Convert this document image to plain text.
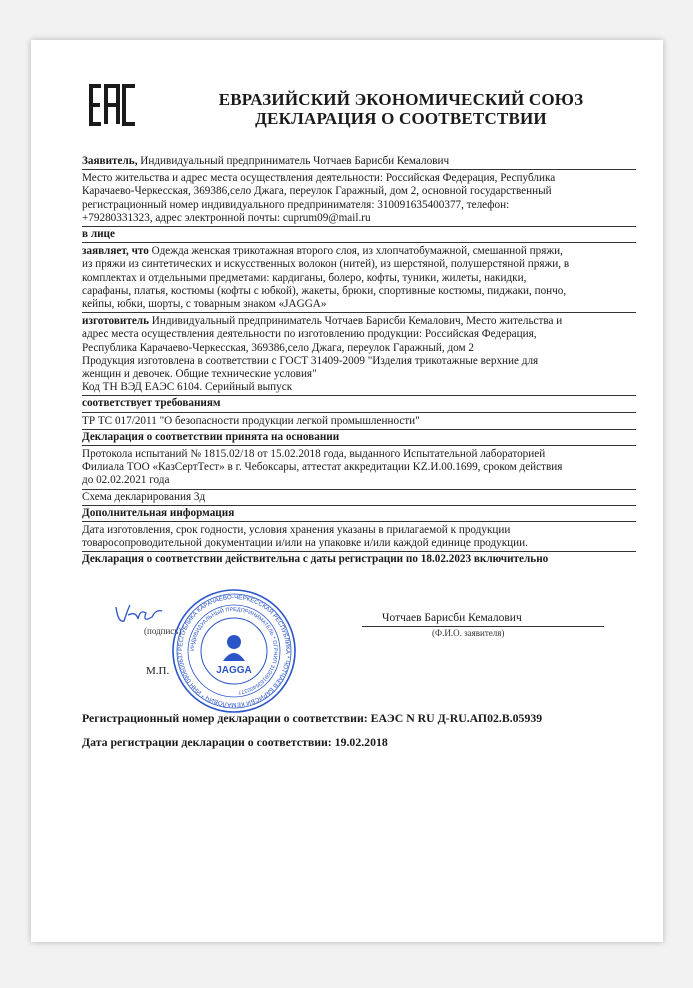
ЕВРАЗИЙСКИЙ ЭКОНОМИЧЕСКИЙ СОЮЗ
ДЕКЛАРАЦИЯ О СООТВЕТСТВИИ
Заявитель, Индивидуальный предприниматель Чотчаев Барисби Кемалович
Место жительства и адрес места осуществления деятельности: Российская Федерация, Республика
Карачаево-Черкесская, 369386,село Джага, переулок Гаражный, дом 2, основной государственный
регистрационный номер индивидуального предпринимателя: 310091635400377, телефон:
+79280331323, адрес электронной почты: cuprum09@mail.ru
в лице
заявляет, что Одежда женская трикотажная второго слоя, из хлопчатобумажной, смешанной пряжи,
из пряжи из синтетических и искусственных волокон (нитей), из шерстяной, полушерстяной пряжи, в
комплектах и отдельными предметами: кардиганы, болеро, кофты, туники, жилеты, накидки,
сарафаны, платья, костюмы (кофты с юбкой), жакеты, брюки, спортивные костюмы, пиджаки, пончо,
кейпы, юбки, шорты, с товарным знаком «JAGGA»
изготовитель Индивидуальный предприниматель Чотчаев Барисби Кемалович, Место жительства и
адрес места осуществления деятельности по изготовлению продукции: Российская Федерация,
Республика Карачаево-Черкесская, 369386,село Джага, переулок Гаражный, дом 2
Продукция изготовлена в соответствии с ГОСТ 31409-2009 "Изделия трикотажные верхние для
женщин и девочек. Общие технические условия"
Код ТН ВЭД ЕАЭС 6104. Серийный выпуск
соответствует требованиям
ТР ТС 017/2011 "О безопасности продукции легкой промышленности"
Декларация о соответствии принята на основании
Протокола испытаний № 1815.02/18 от 15.02.2018 года, выданного Испытательной лабораторией
Филиала ТОО «КазСертТест» в г. Чебоксары, аттестат аккредитации KZ.И.00.1699, сроком действия
до 02.02.2021 года
Схема декларирования 3д
Дополнительная информация
Дата изготовления, срок годности, условия хранения указаны в прилагаемой к продукции
товаросопроводительной документации и/или на упаковке и/или каждой единице продукции.
Декларация о соответствии действительна с даты регистрации по 18.02.2023 включительно
(подпись)
М.П.
РЕСПУБЛИКА КАРАЧАЕВО-ЧЕРКЕССКАЯ РЕСПУБЛИКА * ЧОТЧАЕВ БАРИСБИ КЕМАЛОВИЧ * ИНН 090600637
ИНДИВИДУАЛЬНЫЙ ПРЕДПРИНИМАТЕЛЬ * ОГРНИП 310091635400377
JAGGA
Чотчаев Барисби Кемалович
(Ф.И.О. заявителя)
Регистрационный номер декларации о соответствии: ЕАЭС N RU Д-RU.АП02.В.05939
Дата регистрации декларации о соответствии: 19.02.2018
